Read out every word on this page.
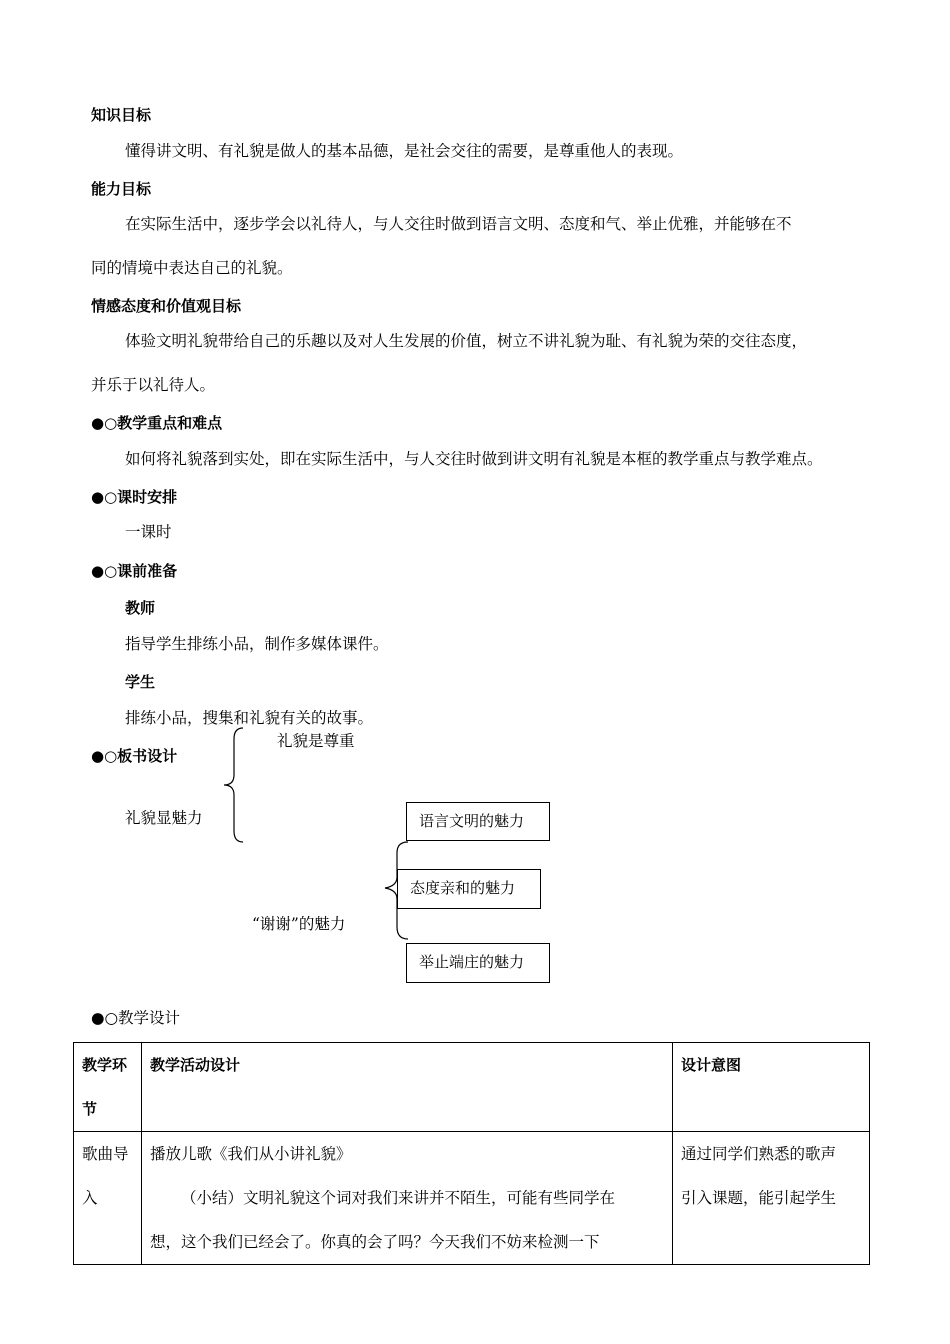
知识目标
懂得讲文明、有礼貌是做人的基本品德，是社会交往的需要，是尊重他人的表现。
能力目标
在实际生活中，逐步学会以礼待人，与人交往时做到语言文明、态度和气、举止优雅，并能够在不
同的情境中表达自己的礼貌。
情感态度和价值观目标
体验文明礼貌带给自己的乐趣以及对人生发展的价值，树立不讲礼貌为耻、有礼貌为荣的交往态度，
并乐于以礼待人。
●○教学重点和难点
如何将礼貌落到实处，即在实际生活中，与人交往时做到讲文明有礼貌是本框的教学重点与教学难点。
●○课时安排
一课时
●○课前准备
教师
指导学生排练小品，制作多媒体课件。
学生
排练小品，搜集和礼貌有关的故事。
●○板书设计
礼貌是尊重
礼貌显魅力	语言文明的魅力
态度亲和的魅力
举止端庄的魅力
“谢谢”的魅力
●○教学设计
教学环
节	教学活动设计	设计意图

歌曲导
入	播放儿歌《我们从小讲礼貌》
（小结）文明礼貌这个词对我们来讲并不陌生，可能有些同学在
想，这个我们已经会了。你真的会了吗？今天我们不妨来检测一下	通过同学们熟悉的歌声
引入课题，能引起学生
